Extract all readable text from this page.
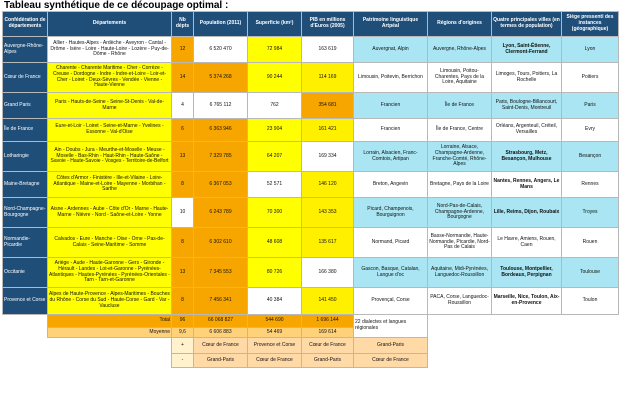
Tableau synthétique de ce découpage optimal :
Confédération de départements	Départements	Nb dépts	Population (2011)	Superficie (km²)	PIB en millions d'Euros (2005)	Patrimoine linguistique Artpéal	Régions d'origines	Quatre principales villes (en termes de population)	Siège pressenti des instances (géographique)
Auvergne-Rhône-Alpes	Allier - Hautes-Alpes - Ardèche - Aveyron - Cantal - Drôme - Isère - Loire - Haute-Loire - Lozère - Puy-de-Dôme - Rhône	12	6 520 470	72 984	163 619	Auvergnat, Alpin	Auvergne, Rhône-Alpes	Lyon, Saint-Étienne, Clermont-Ferrand	Lyon
Cœur de France	Charente - Charente Maritime - Cher - Corrèze - Creuse - Dordogne - Indre - Indre-et-Loire - Loir-et-Cher - Loiret - Deux-Sèvres - Vendée - Vienne - Haute-Vienne	14	5 374 268	90 244	114 169	Limousin, Poitevin, Berrichon	Limousin, Poitou-Charentes, Pays de la Loire, Aquitaine	Limoges, Tours, Poitiers, La Rochelle	Poitiers
Grand Paris	Paris - Hauts-de-Seine - Seine-St-Denis - Val-de-Marne	4	6 765 112	762	354 681	Francien	Île de France	Paris, Boulogne-Billancourt, Saint-Denis, Montreuil	Paris
Île de France	Eure-et-Loir - Loiret - Seine-et-Marne - Yvelines - Essonne - Val-d'Oise	6	6 363 946	23 904	161 421	Francien	Île de France, Centre	Orléans, Argenteuil, Créteil, Versailles	Evry
Lotharingie	Ain - Doubs - Jura - Meurthe-et-Moselle - Meuse - Moselle - Bas-Rhin - Haut-Rhin - Haute-Saône - Savoie - Haute-Savoie - Vosges - Territoire-de-Belfort	13	7 329 785	64 207	169 334	Lorrain, Alsacien, Franc-Comtois, Artipan	Lorraine, Alsace, Champagne-Ardenne, Franche-Comté, Rhône-Alpes	Strasbourg, Metz, Besançon, Mulhouse	Besançon
Maine-Bretagne	Côtes d'Armor - Finistère - Ille-et-Vilaine - Loire-Atlantique - Maine-et-Loire - Mayenne - Morbihan - Sarthe	8	6 367 053	52 571	146 120	Breton, Angevin	Bretagne, Pays de la Loire	Nantes, Rennes, Angers, Le Mans	Rennes
Nord-Champagne-Bourgogne	Aisne - Ardennes - Aube - Côte d'Or - Marne - Haute-Marne - Nièvre - Nord - Saône-et-Loire - Yonne	10	6 243 789	70 300	143 353	Picard, Champenois, Bourguignon	Nord-Pas-de-Calais, Champagne-Ardenne, Bourgogne	Lille, Reims, Dijon, Roubaix	Troyes
Normandie-Picardie	Calvados - Eure - Manche - Oise - Orne - Pas-de-Calais - Seine-Maritime - Somme	8	6 302 610	48 608	135 617	Normand, Picard	Basse-Normandie, Haute-Normandie, Picardie, Nord-Pas de Calais	Le Havre, Amiens, Rouen, Caen	Rouen
Occitanie	Ariège - Aude - Haute-Garonne - Gers - Gironde - Hérault - Landes - Lot-et-Garonne - Pyrénées-Atlantiques - Hautes-Pyrénées - Pyrénées-Orientales - Tarn - Tarn-et-Garonne	13	7 345 553	80 726	166 380	Gascon, Basque, Catalan, Langue d'oc	Aquitaine, Midi-Pyrénées, Languedoc-Roussillon	Toulouse, Montpellier, Bordeaux, Perpignan	Toulouse
Provence et Corse	Alpes de Haute-Provence - Alpes-Maritimes - Bouches du Rhône - Corse du Sud - Haute-Corse - Gard - Var - Vaucluse	8	7 456 341	40 384	141 450	Provençal, Corse	PACA, Corse, Languedoc-Roussillon	Marseille, Nice, Toulon, Aix-en-Provence	Toulon
	Total	96	66 068 827	544 690	1 696 144	22 dialectes et langues régionales			
	Moyenne	9,6	6 606 883	54 469	169 614				
		+	Cœur de France	Provence et Corse	Cœur de France	Grand-Paris			
		-	Grand-Paris	Cœur de France	Grand-Paris	Cœur de France			
